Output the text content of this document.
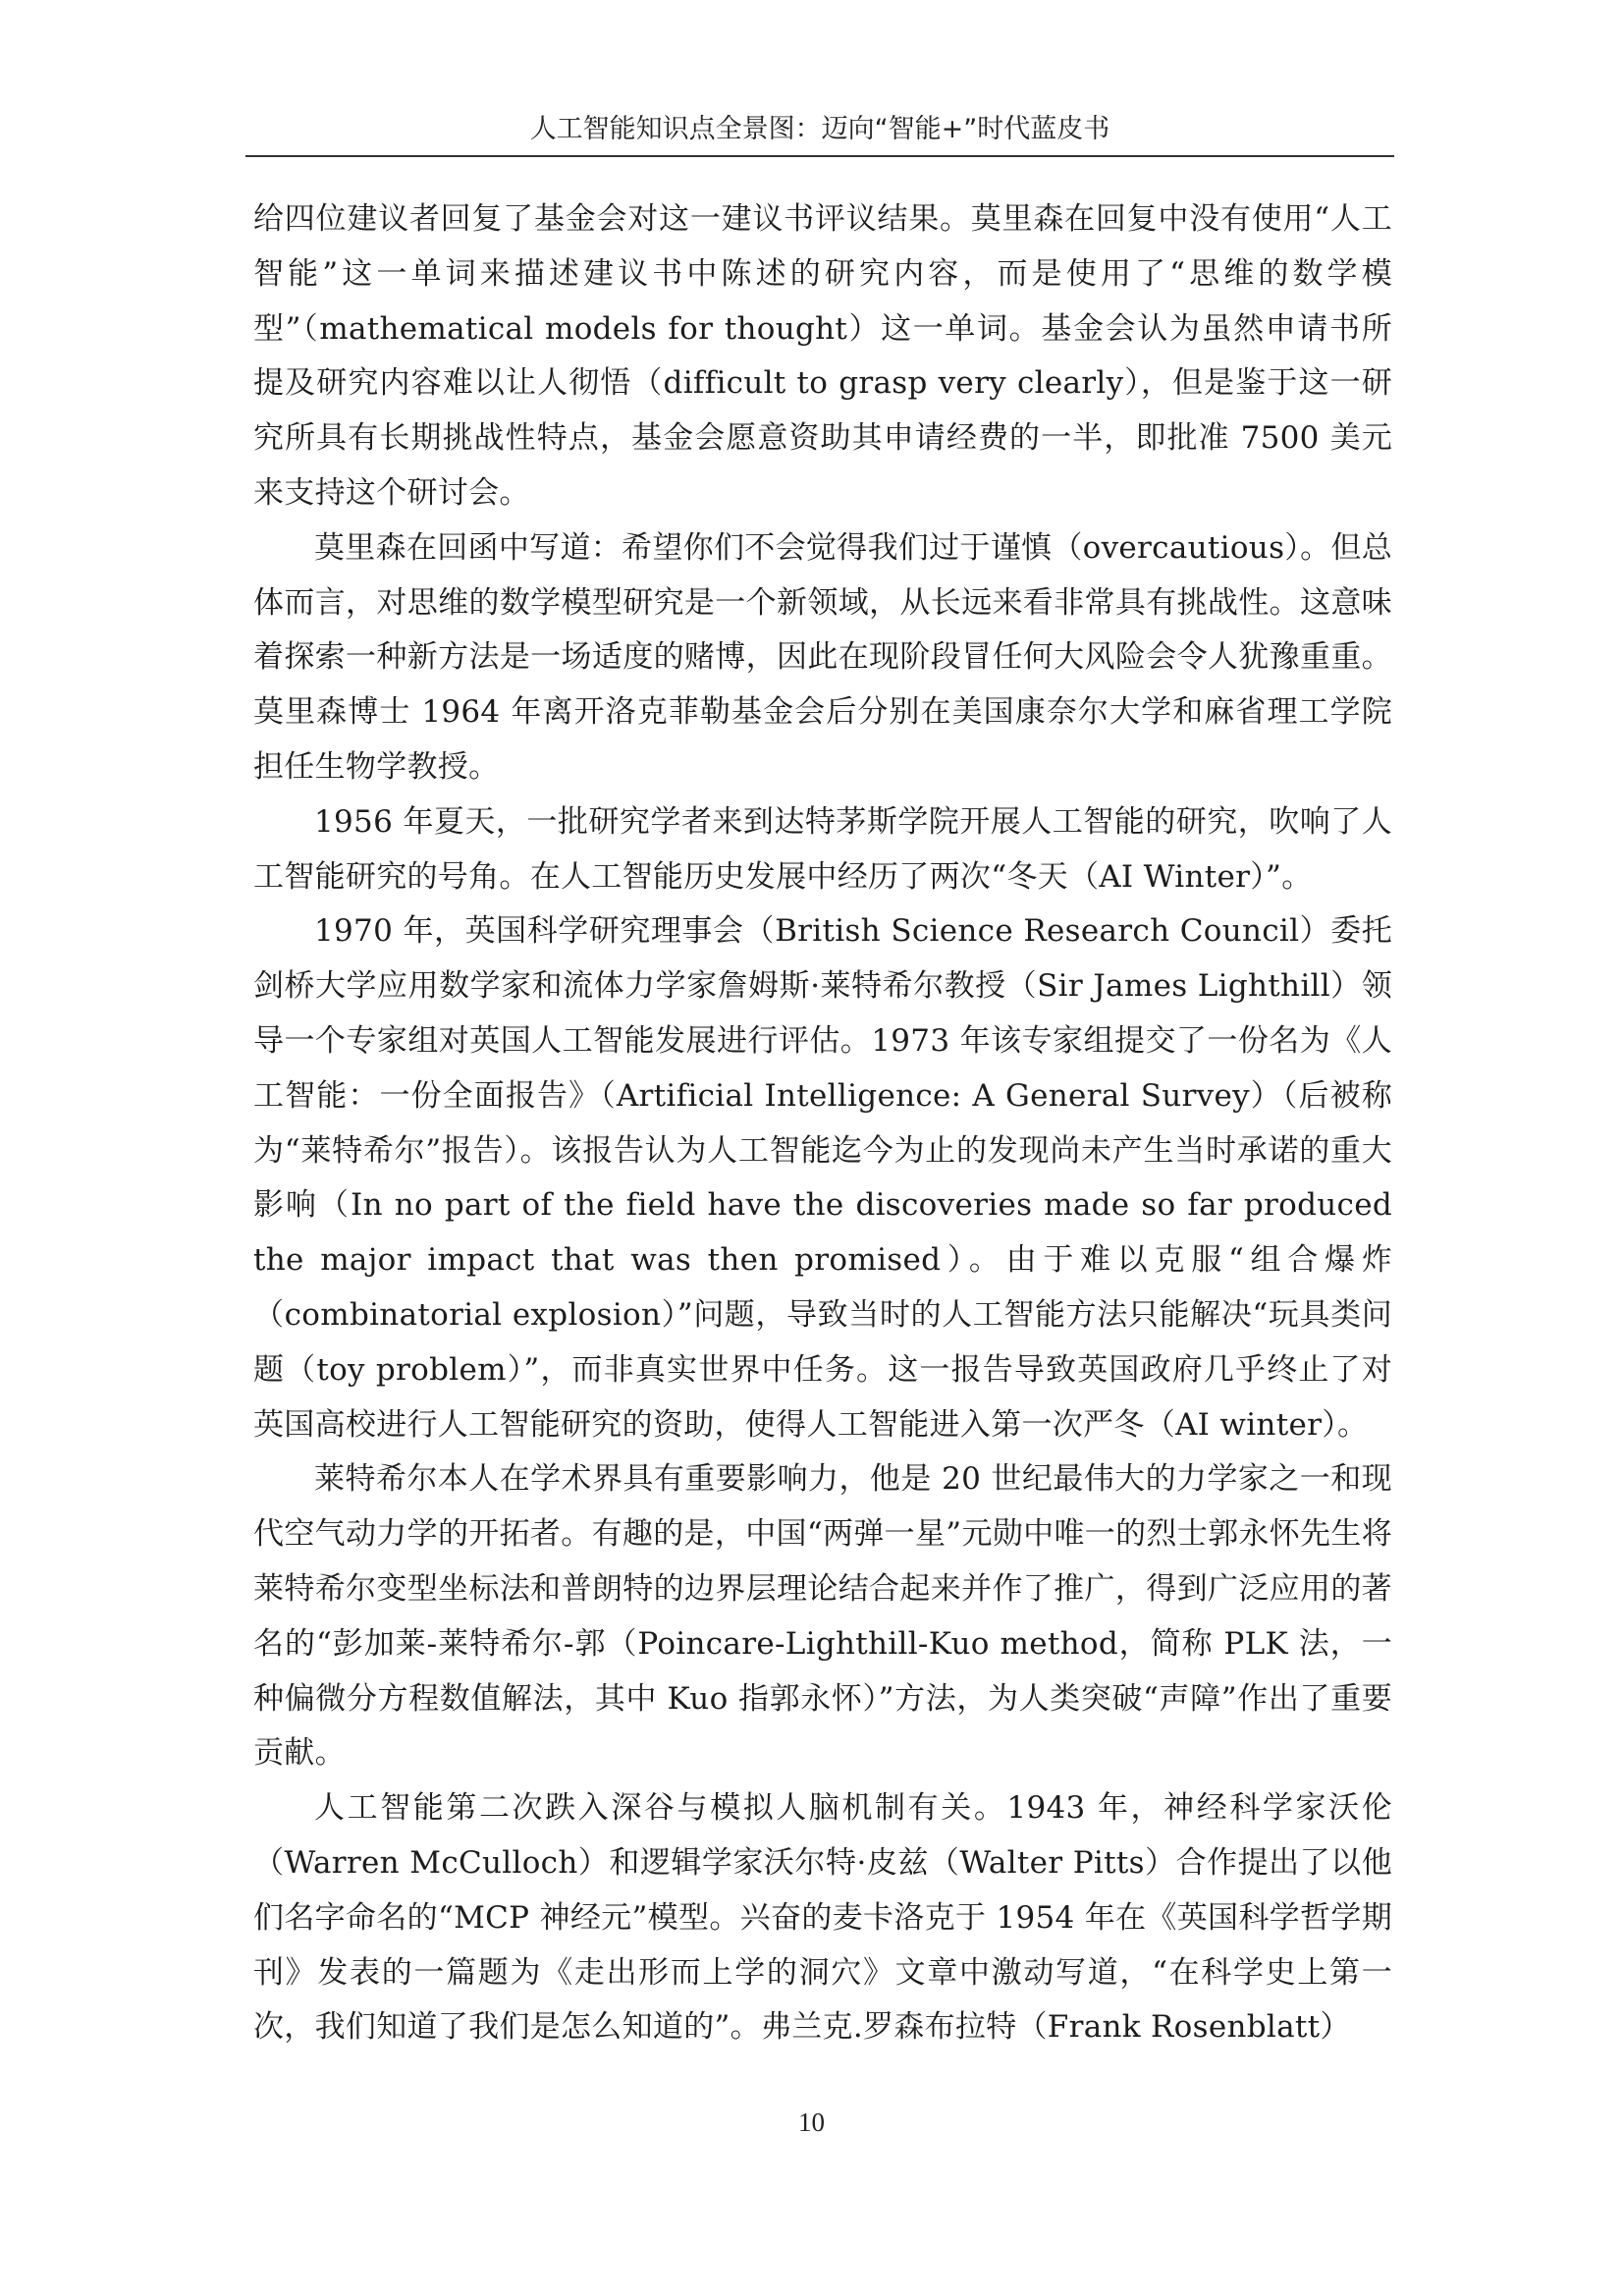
人工智能知识点全景图：迈向“智能+”时代蓝皮书

给四位建议者回复了基金会对这一建议书评议结果。莫里森在回复中没有使用“人工智能”这一单词来描述建议书中陈述的研究内容，而是使用了“思维的数学模型”（mathematical models for thought）这一单词。基金会认为虽然申请书所提及研究内容难以让人彻悟（difficult to grasp very clearly），但是鉴于这一研究所具有长期挑战性特点，基金会愿意资助其申请经费的一半，即批准 7500 美元来支持这个研讨会。

莫里森在回函中写道：希望你们不会觉得我们过于谨慎（overcautious）。但总体而言，对思维的数学模型研究是一个新领域，从长远来看非常具有挑战性。这意味着探索一种新方法是一场适度的赌博，因此在现阶段冒任何大风险会令人犹豫重重。莫里森博士 1964 年离开洛克菲勒基金会后分别在美国康奈尔大学和麻省理工学院担任生物学教授。

1956 年夏天，一批研究学者来到达特茅斯学院开展人工智能的研究，吹响了人工智能研究的号角。在人工智能历史发展中经历了两次“冬天（AI Winter）”。

1970 年，英国科学研究理事会（British Science Research Council）委托剑桥大学应用数学家和流体力学家詹姆斯·莱特希尔教授（Sir James Lighthill）领导一个专家组对英国人工智能发展进行评估。1973 年该专家组提交了一份名为《人工智能：一份全面报告》（Artificial Intelligence: A General Survey）（后被称为“莱特希尔”报告）。该报告认为人工智能迄今为止的发现尚未产生当时承诺的重大影响（In no part of the field have the discoveries made so far produced the major impact that was then promised）。由于难以克服“组合爆炸（combinatorial explosion）”问题，导致当时的人工智能方法只能解决“玩具类问题（toy problem）”，而非真实世界中任务。这一报告导致英国政府几乎终止了对英国高校进行人工智能研究的资助，使得人工智能进入第一次严冬（AI winter）。

莱特希尔本人在学术界具有重要影响力，他是 20 世纪最伟大的力学家之一和现代空气动力学的开拓者。有趣的是，中国“两弹一星”元勋中唯一的烈士郭永怀先生将莱特希尔变型坐标法和普朗特的边界层理论结合起来并作了推广，得到广泛应用的著名的“彭加莱-莱特希尔-郭（Poincare-Lighthill-Kuo method，简称 PLK 法，一种偏微分方程数值解法，其中 Kuo 指郭永怀）”方法，为人类突破“声障”作出了重要贡献。

人工智能第二次跌入深谷与模拟人脑机制有关。1943 年，神经科学家沃伦（Warren McCulloch）和逻辑学家沃尔特·皮兹（Walter Pitts）合作提出了以他们名字命名的“MCP 神经元”模型。兴奋的麦卡洛克于 1954 年在《英国科学哲学期刊》发表的一篇题为《走出形而上学的洞穴》文章中激动写道，“在科学史上第一次，我们知道了我们是怎么知道的”。弗兰克.罗森布拉特（Frank Rosenblatt）

10
